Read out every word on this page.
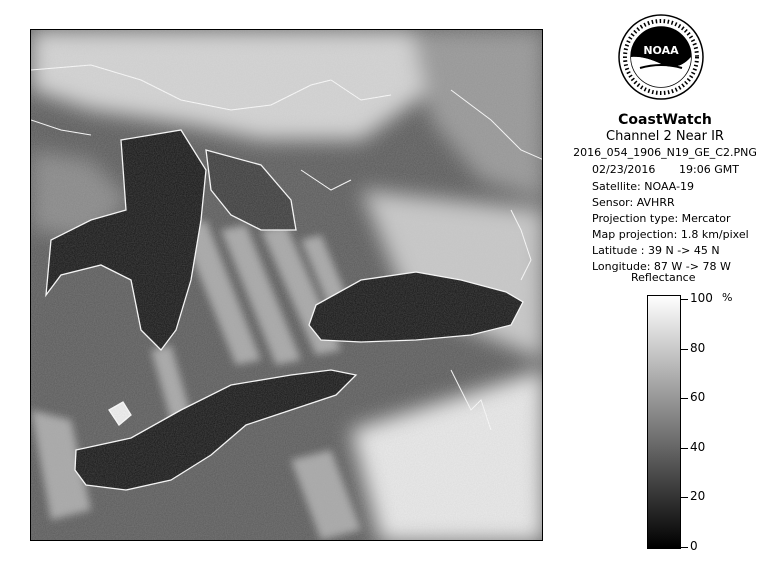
NOAA
CoastWatch
Channel 2 Near IR
2016_054_1906_N19_GE_C2.PNG
02/23/2016 19:06 GMT
Satellite: NOAA-19
Sensor: AVHRR
Projection type: Mercator
Map projection: 1.8 km/pixel
Latitude : 39 N -> 45 N
Longitude: 87 W -> 78 W
Reflectance
%
0
20
40
60
80
100
